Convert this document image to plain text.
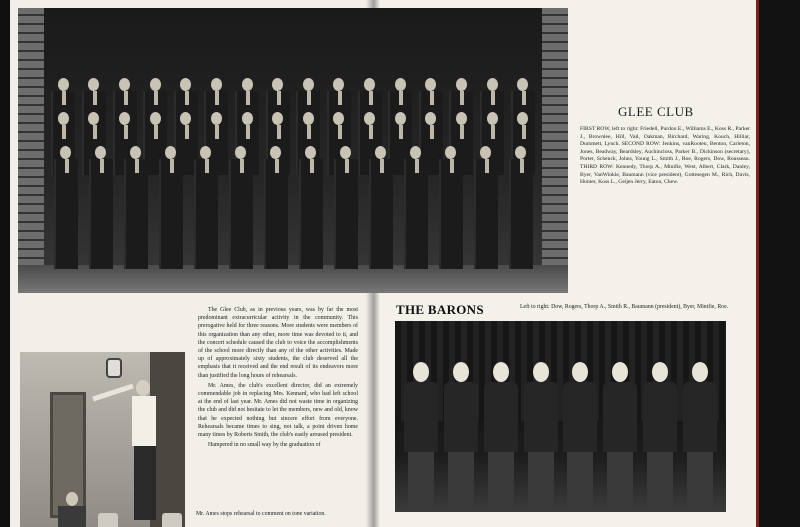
GLEE CLUB
FIRST ROW, left to right: Friedell, Purdon E., Williams E., Koss R., Parker J., Brownlee, Hill, Vail, Oakman, Birchard, Waring, Kouch, Hilliar, Dummett, Lynch. SECOND ROW: Jenkins, vanRooten, Benton, Carleton, Jones, Beadway, Beardsley, Auchincloss, Parker B., Dickinson (secretary), Porter, Schenck, Johns, Young L., Smith J., Roe, Rogers, Dow, Rousseau. THIRD ROW: Kennedy, Thorp A., Minifie, West, Albert, Clark, Danley, Byer, VanWinkle, Baumann (vice president), Gottesegen M., Rich, Davis, Hunter, Koss L., Geijen Jerry, Eaton, Chew.

The Glee Club, as in previous years, was by far the most predominant extracurricular activity in the community. This prerogative held for three reasons. More students were members of this organization than any other, more time was devoted to it, and the concert schedule caused the club to voice the accomplishments of the school more directly than any of the other activities. Made up of approximately sixty students, the club deserved all the emphasis that it received and the end result of its endeavors more than justified the long hours of rehearsals.

Mr. Ames, the club's excellent director, did an extremely commendable job in replacing Mrs. Kennard, who had left school at the end of last year. Mr. Ames did not waste time in organizing the club and did not hesitate to let the members, new and old, know that he expected nothing but sincere effort from everyone. Rehearsals became times to sing, not talk, a point driven home many times by Roberts Smith, the club's easily aroused president.

Hampered in no small way by the graduation of

Mr. Ames stops rehearsal to comment on tone variation.
THE BARONS	Left to right: Dow, Rogers, Thorp A., Smith R., Baumann (president), Byer, Minifie, Roe.
